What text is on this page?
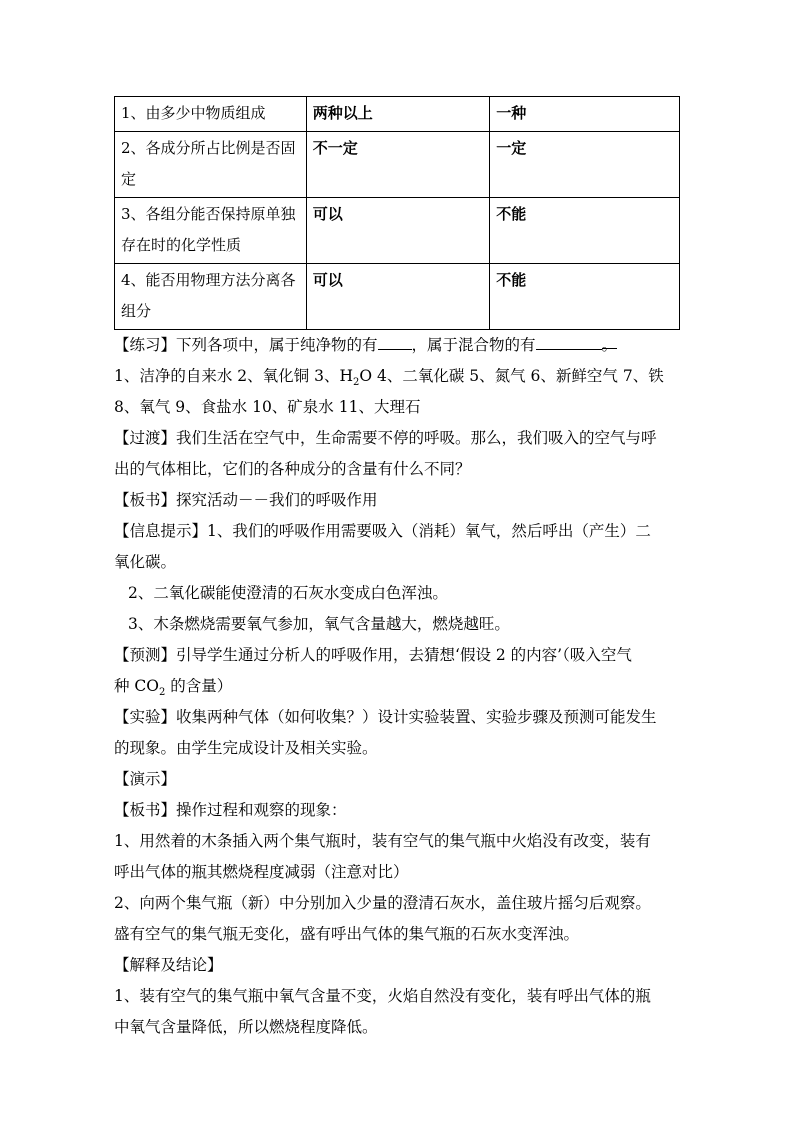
1、由多少中物质组成	两种以上	一种
2、各成分所占比例是否固定	不一定	一定
3、各组分能否保持原单独存在时的化学性质	可以	不能
4、能否用物理方法分离各组分	可以	不能

【练习】下列各项中，属于纯净物的有 ，属于混合物的有	。

1、洁净的自来水 2、氧化铜 3、$H_2O$ 4、二氧化碳 5、氮气 6、新鲜空气 7、铁

8、氧气 9、食盐水 10、矿泉水 11、大理石

【过渡】我们生活在空气中，生命需要不停的呼吸。那么，我们吸入的空气与呼

出的气体相比，它们的各种成分的含量有什么不同？

【板书】探究活动－－我们的呼吸作用

【信息提示】1、我们的呼吸作用需要吸入（消耗）氧气，然后呼出（产生）二

氧化碳。

2、二氧化碳能使澄清的石灰水变成白色浑浊。

3、木条燃烧需要氧气参加，氧气含量越大，燃烧越旺。

【预测】引导学生通过分析人的呼吸作用，去猜想‘假设 2 的内容’（吸入空气

种 $CO_2$ 的含量）

【实验】收集两种气体（如何收集？）设计实验装置、实验步骤及预测可能发生

的现象。由学生完成设计及相关实验。

【演示】

【板书】操作过程和观察的现象：

1、用然着的木条插入两个集气瓶时，装有空气的集气瓶中火焰没有改变，装有

呼出气体的瓶其燃烧程度减弱（注意对比）

2、向两个集气瓶（新）中分别加入少量的澄清石灰水，盖住玻片摇匀后观察。

盛有空气的集气瓶无变化，盛有呼出气体的集气瓶的石灰水变浑浊。

【解释及结论】

1、装有空气的集气瓶中氧气含量不变，火焰自然没有变化，装有呼出气体的瓶

中氧气含量降低，所以燃烧程度降低。
